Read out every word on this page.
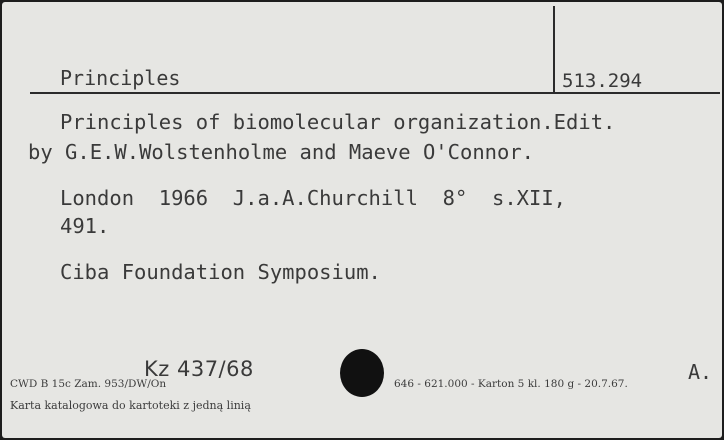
Principles	513.294

Principles of biomolecular organization.Edit.

by G.E.W.Wolstenholme and Maeve O'Connor.

London  1966  J.a.A.Churchill  8°  s.XII,

491.

Ciba Foundation Symposium.

Kz 437/68	A.

CWD B 15c Zam. 953/DW/On	646 - 621.000 - Karton 5 kl. 180 g - 20.7.67.

Karta katalogowa do kartoteki z jedną linią
